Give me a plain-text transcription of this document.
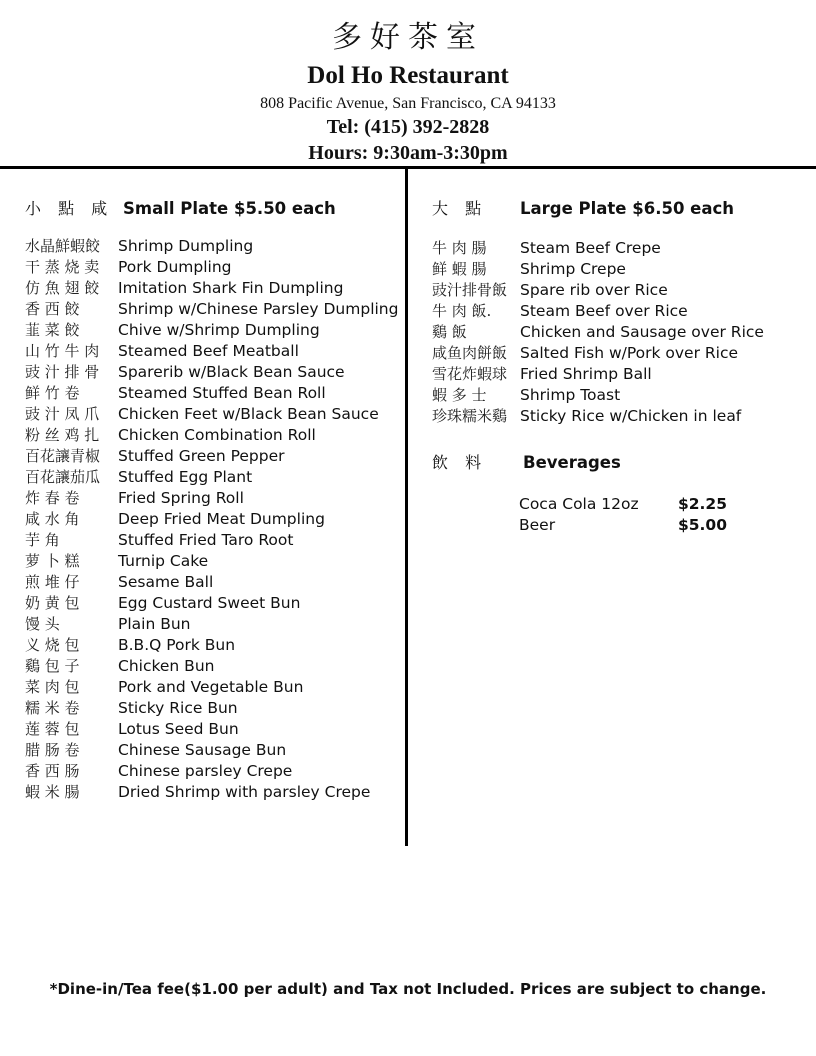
多好茶室
Dol Ho Restaurant
808 Pacific Avenue, San Francisco, CA 94133
Tel: (415) 392-2828
Hours: 9:30am-3:30pm
小 點 咸 Small Plate $5.50 each
水晶鮮蝦餃	Shrimp Dumpling
干 蒸 烧 卖	Pork Dumpling
仿 魚 翅 餃	Imitation Shark Fin Dumpling
香 西 餃	Shrimp w/Chinese Parsley Dumpling
韮 菜 餃	Chive w/Shrimp Dumpling
山 竹 牛 肉	Steamed Beef Meatball
豉 汁 排 骨	Sparerib w/Black Bean Sauce
鲜 竹 卷	Steamed Stuffed Bean Roll
豉 汁 凤 爪	Chicken Feet w/Black Bean Sauce
粉 丝 鸡 扎	Chicken Combination Roll
百花讓青椒	Stuffed Green Pepper
百花讓茄瓜	Stuffed Egg Plant
炸 春 卷	Fried Spring Roll
咸 水 角	Deep Fried Meat Dumpling
芋 角	Stuffed Fried Taro Root
萝 卜 糕	Turnip Cake
煎 堆 仔	Sesame Ball
奶 黄 包	Egg Custard Sweet Bun
馒 头	Plain Bun
义 烧 包	B.B.Q Pork Bun
鷄 包 子	Chicken Bun
菜 肉 包	Pork and Vegetable Bun
糯 米 卷	Sticky Rice Bun
莲 蓉 包	Lotus Seed Bun
腊 肠 卷	Chinese Sausage Bun
香 西 肠	Chinese parsley Crepe
蝦 米 腸	Dried Shrimp with parsley Crepe
大 點	Large Plate $6.50 each
牛 肉 腸	Steam Beef Crepe
鲜 蝦 腸	Shrimp Crepe
豉汁排骨飯 Spare rib over Rice
牛 肉 飯.	Steam Beef over Rice
鷄 飯	Chicken and Sausage over Rice
咸鱼肉餅飯 Salted Fish w/Pork over Rice
雪花炸蝦球 Fried Shrimp Ball
蝦 多 士	Shrimp Toast
珍珠糯米鷄 Sticky Rice w/Chicken in leaf
飲 料	Beverages
Coca Cola 12oz	$2.25
Beer	$5.00
*Dine-in/Tea fee($1.00 per adult) and Tax not Included. Prices are subject to change.
